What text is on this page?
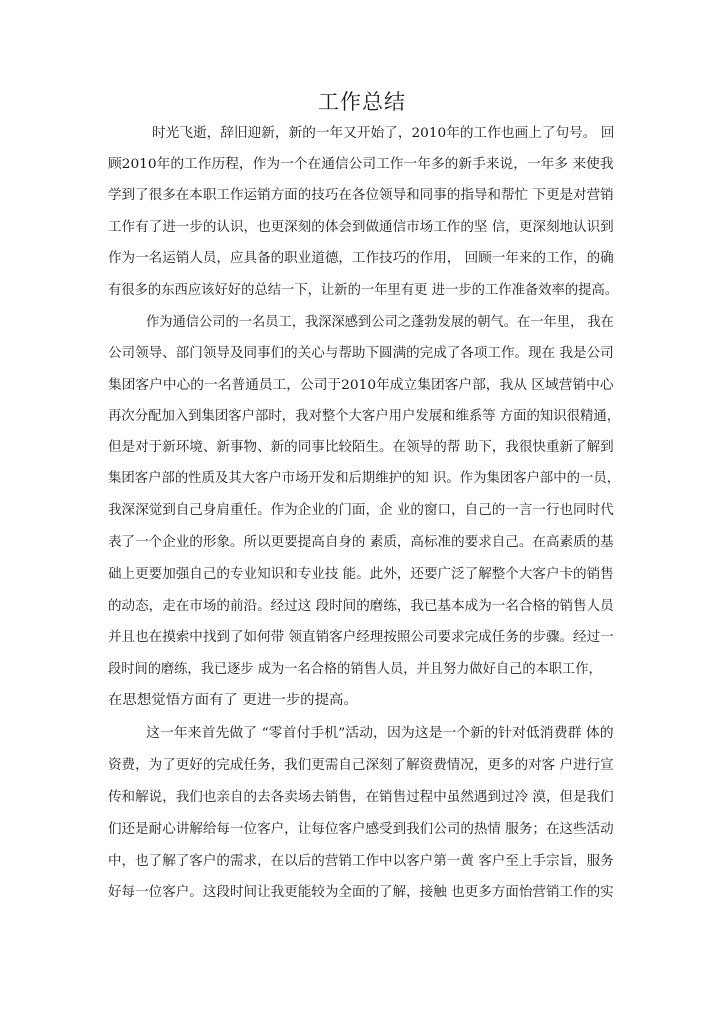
工作总结
时光飞逝，辞旧迎新，新的一年又开始了，2010年的工作也画上了句号。 回
顾2010年的工作历程，作为一个在通信公司工作一年多的新手来说，一年多 来使我
学到了很多在本职工作运销方面的技巧在各位领导和同事的指导和帮忙 下更是对营销
工作有了进一步的认识，也更深刻的体会到做通信市场工作的坚 信，更深刻地认识到
作为一名运销人员，应具备的职业道德，工作技巧的作用， 回顾一年来的工作，的确
有很多的东西应该好好的总结一下，让新的一年里有更 进一步的工作准备效率的提高。
作为通信公司的一名员工，我深深感到公司之蓬勃发展的朝气。在一年里， 我在
公司领导、部门领导及同事们的关心与帮助下圆满的完成了各项工作。现在 我是公司
集团客户中心的一名普通员工，公司于2010年成立集团客户部，我从 区域营销中心
再次分配加入到集团客户部时，我对整个大客户用户发展和维系等 方面的知识很精通，
但是对于新环境、新事物、新的同事比较陌生。在领导的帮 助下，我很快重新了解到
集团客户部的性质及其大客户市场开发和后期维护的知 识。作为集团客户部中的一员，
我深深觉到自己身肩重任。作为企业的门面，企 业的窗口，自己的一言一行也同时代
表了一个企业的形象。所以更要提高自身的 素质，高标准的要求自己。在高素质的基
础上更要加强自己的专业知识和专业技 能。此外，还要广泛了解整个大客户卡的销售
的动态，走在市场的前沿。经过这 段时间的磨练，我已基本成为一名合格的销售人员
并且也在摸索中找到了如何带 领直销客户经理按照公司要求完成任务的步骤。经过一
段时间的磨练，我已逐步 成为一名合格的销售人员，并且努力做好自己的本职工作，
在思想觉悟方面有了 更进一步的提高。
这一年来首先做了 “零首付手机”活动，因为这是一个新的针对低消费群 体的
资费，为了更好的完成任务，我们更需自己深刻了解资费情况，更多的对客 户进行宣
传和解说，我们也亲自的去各卖场去销售，在销售过程中虽然遇到过冷 漠，但是我们
们还是耐心讲解给每一位客户，让每位客户感受到我们公司的热情 服务；在这些活动
中，也了解了客户的需求，在以后的营销工作中以客户第一黄 客户至上手宗旨，服务
好每一位客户。这段时间让我更能较为全面的了解，接触 也更多方面怡营销工作的实
